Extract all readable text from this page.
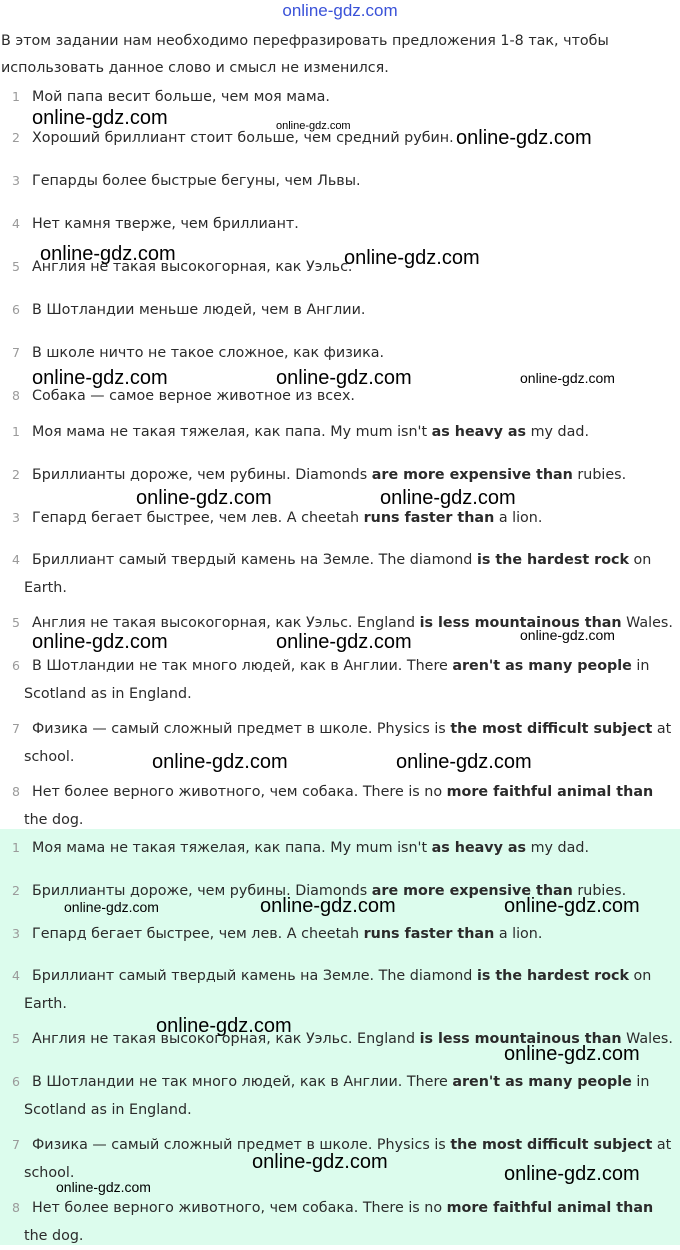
online-gdz.com
В этом задании нам необходимо перефразировать предложения 1-8 так, чтобы использовать данное слово и смысл не изменился.
1 Мой папа весит больше, чем моя мама.
2 Хороший бриллиант стоит больше, чем средний рубин.
3 Гепарды более быстрые бегуны, чем Львы.
4 Нет камня тверже, чем бриллиант.
5 Англия не такая высокогорная, как Уэльс.
6 В Шотландии меньше людей, чем в Англии.
7 В школе ничто не такое сложное, как физика.
8 Собака — самое верное животное из всех.
1 Моя мама не такая тяжелая, как папа. My mum isn't as heavy as my dad.
2 Бриллианты дороже, чем рубины. Diamonds are more expensive than rubies.
3 Гепард бегает быстрее, чем лев. A cheetah runs faster than a lion.
4 Бриллиант самый твердый камень на Земле. The diamond is the hardest rock on Earth.
5 Англия не такая высокогорная, как Уэльс. England is less mountainous than Wales.
6 В Шотландии не так много людей, как в Англии. There aren't as many people in Scotland as in England.
7 Физика — самый сложный предмет в школе. Physics is the most difficult subject at school.
8 Нет более верного животного, чем собака. There is no more faithful animal than the dog.
1 Моя мама не такая тяжелая, как папа. My mum isn't as heavy as my dad.
2 Бриллианты дороже, чем рубины. Diamonds are more expensive than rubies.
3 Гепард бегает быстрее, чем лев. A cheetah runs faster than a lion.
4 Бриллиант самый твердый камень на Земле. The diamond is the hardest rock on Earth.
5 Англия не такая высокогорная, как Уэльс. England is less mountainous than Wales.
6 В Шотландии не так много людей, как в Англии. There aren't as many people in Scotland as in England.
7 Физика — самый сложный предмет в школе. Physics is the most difficult subject at school.
8 Нет более верного животного, чем собака. There is no more faithful animal than the dog.
online-gdz.com	online-gdz.com
online-gdz.com
online-gdz.com	online-gdz.com
online-gdz.com	online-gdz.com	online-gdz.com
online-gdz.com	online-gdz.com
online-gdz.com	online-gdz.com	online-gdz.com
online-gdz.com	online-gdz.com
online-gdz.com	online-gdz.com	online-gdz.com
online-gdz.com
online-gdz.com
online-gdz.com
online-gdz.com
online-gdz.com
